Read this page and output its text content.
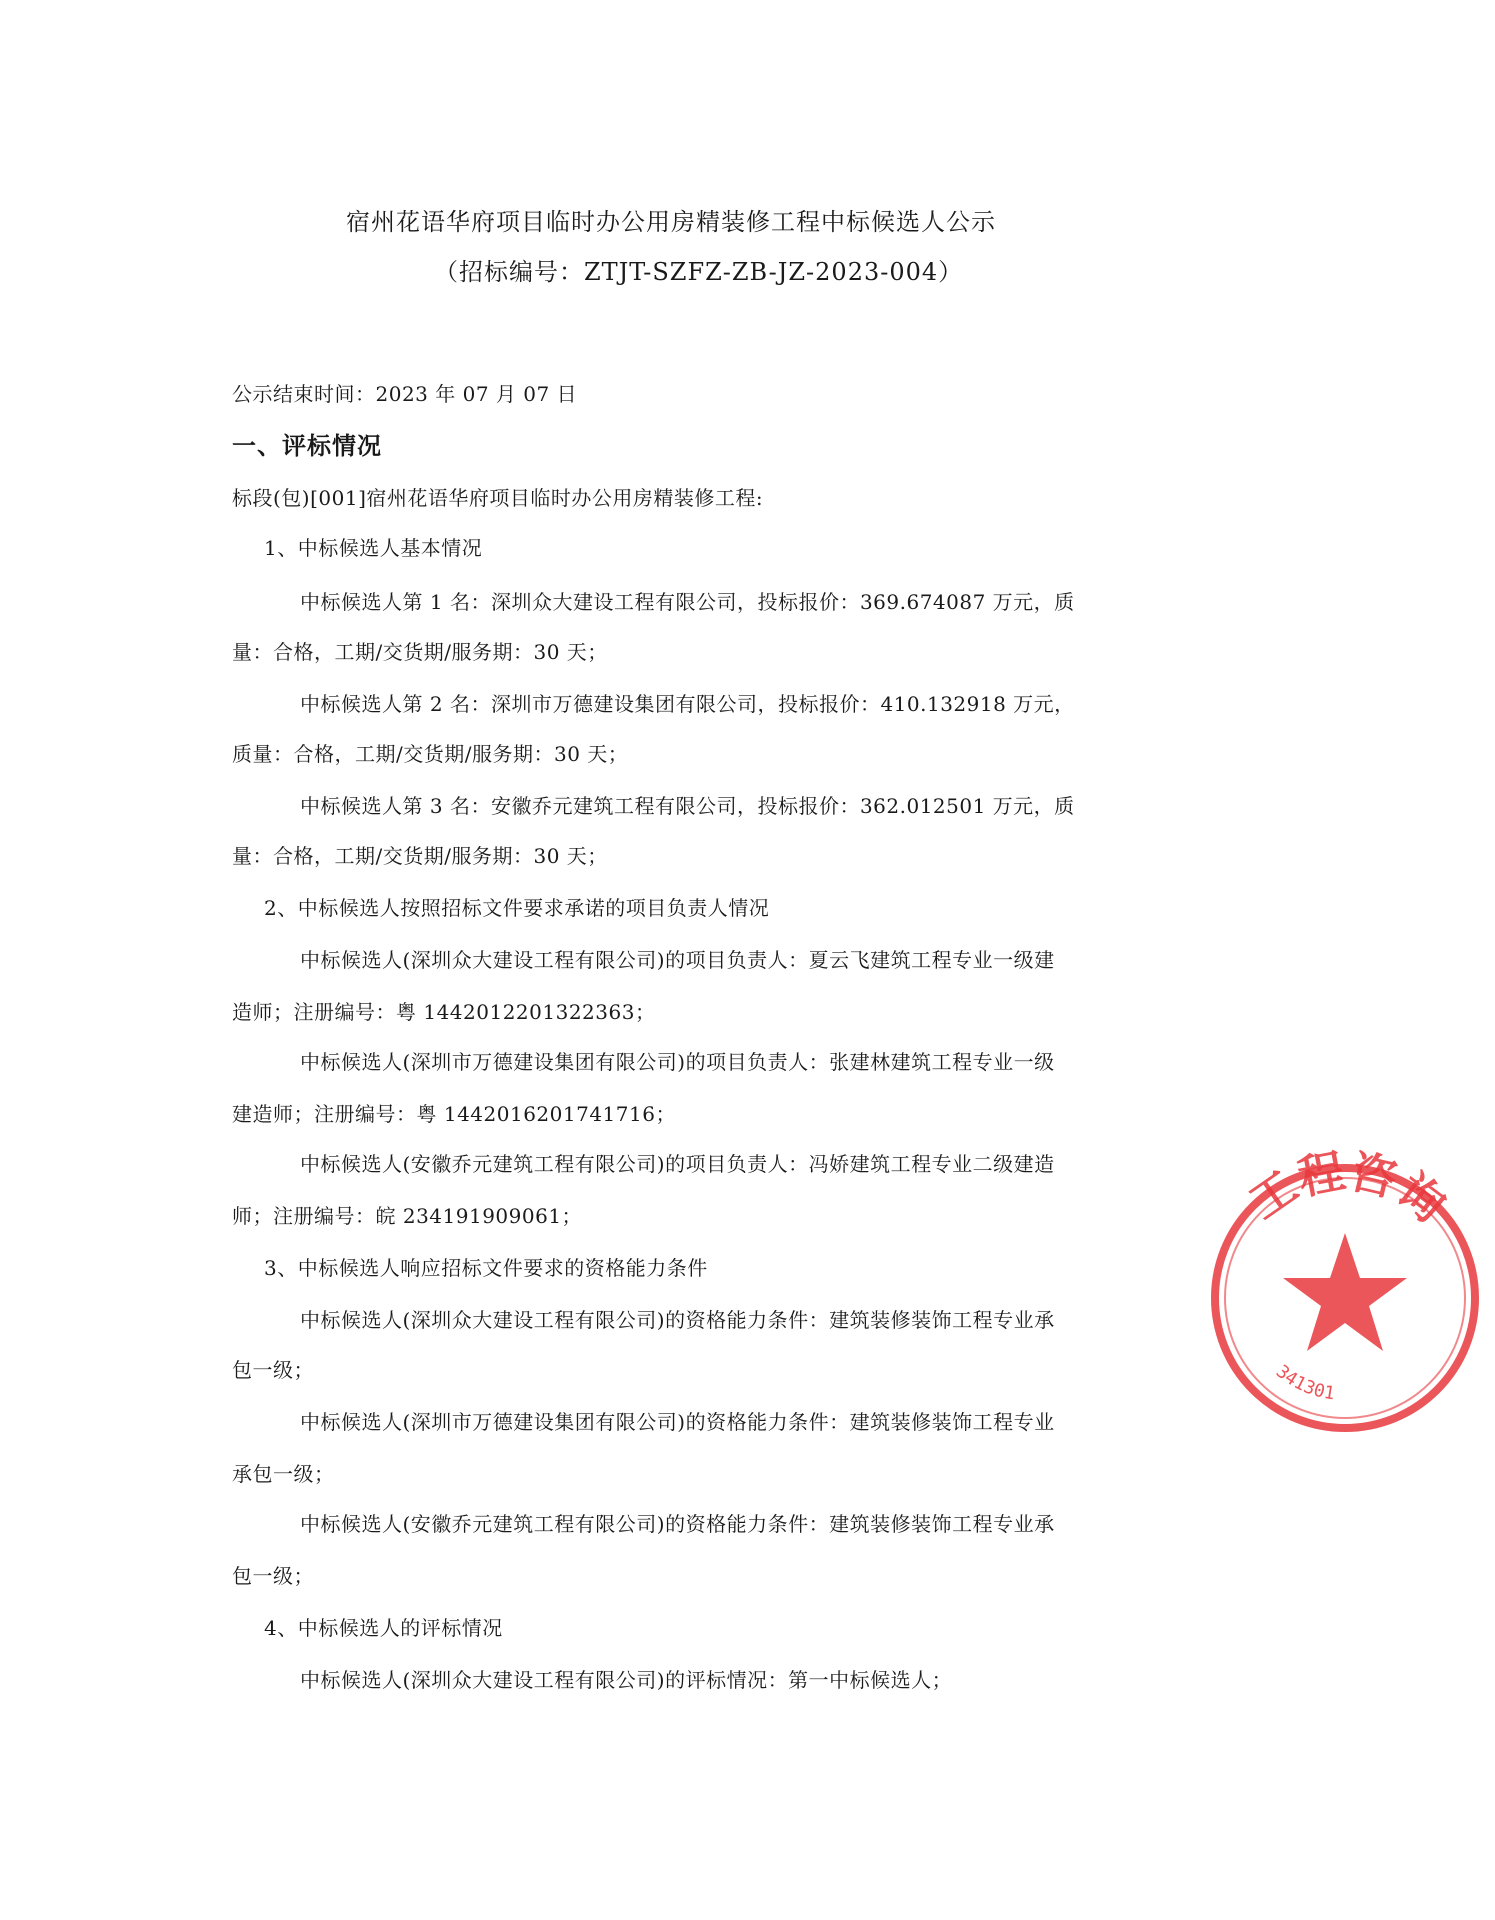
宿州花语华府项目临时办公用房精装修工程中标候选人公示
（招标编号：ZTJT-SZFZ-ZB-JZ-2023-004）
公示结束时间：2023 年 07 月 07 日
一、评标情况
标段(包)[001]宿州花语华府项目临时办公用房精装修工程:
1、中标候选人基本情况
中标候选人第 1 名：深圳众大建设工程有限公司，投标报价：369.674087 万元，质
量：合格，工期/交货期/服务期：30 天；
中标候选人第 2 名：深圳市万德建设集团有限公司，投标报价：410.132918 万元，
质量：合格，工期/交货期/服务期：30 天；
中标候选人第 3 名：安徽乔元建筑工程有限公司，投标报价：362.012501 万元，质
量：合格，工期/交货期/服务期：30 天；
2、中标候选人按照招标文件要求承诺的项目负责人情况
中标候选人(深圳众大建设工程有限公司)的项目负责人：夏云飞建筑工程专业一级建
造师；注册编号：粤 1442012201322363；
中标候选人(深圳市万德建设集团有限公司)的项目负责人：张建林建筑工程专业一级
建造师；注册编号：粤 1442016201741716；
中标候选人(安徽乔元建筑工程有限公司)的项目负责人：冯娇建筑工程专业二级建造
师；注册编号：皖 234191909061；
3、中标候选人响应招标文件要求的资格能力条件
中标候选人(深圳众大建设工程有限公司)的资格能力条件：建筑装修装饰工程专业承
包一级；
中标候选人(深圳市万德建设集团有限公司)的资格能力条件：建筑装修装饰工程专业
承包一级；
中标候选人(安徽乔元建筑工程有限公司)的资格能力条件：建筑装修装饰工程专业承
包一级；
4、中标候选人的评标情况
中标候选人(深圳众大建设工程有限公司)的评标情况：第一中标候选人；
工程咨询
341301
